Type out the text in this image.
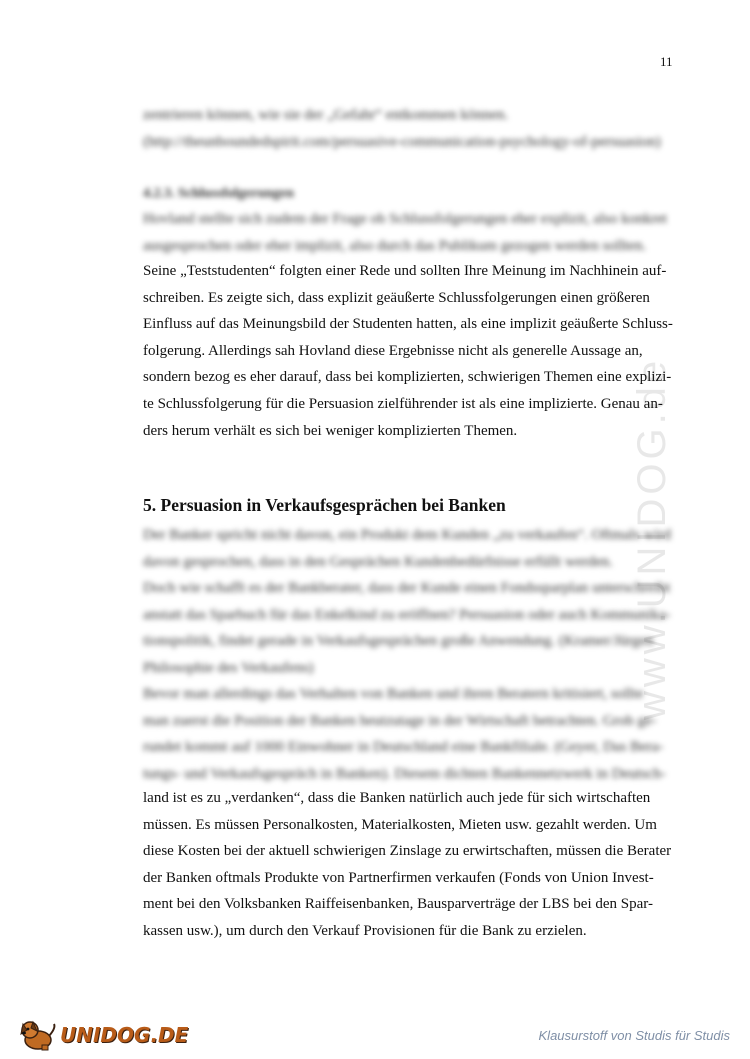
11
www.UNIDOG.de
zentrieren können, wie sie der „Gefahr“ entkommen können.
(http://theunboundedspirit.com/persuasive-communication-psychology-of-persuasion)
4.2.3. Schlussfolgerungen
Hovland stellte sich zudem der Frage ob Schlussfolgerungen eher explizit, also konkret
ausgesprochen oder eher implizit, also durch das Publikum gezogen werden sollten.
Seine „Teststudenten“ folgten einer Rede und sollten Ihre Meinung im Nachhinein auf-
schreiben. Es zeigte sich, dass explizit geäußerte Schlussfolgerungen einen größeren
Einfluss auf das Meinungsbild der Studenten hatten, als eine implizit geäußerte Schluss-
folgerung. Allerdings sah Hovland diese Ergebnisse nicht als generelle Aussage an,
sondern bezog es eher darauf, dass bei komplizierten, schwierigen Themen eine explizi-
te Schlussfolgerung für die Persuasion zielführender ist als eine implizierte. Genau an-
ders herum verhält es sich bei weniger komplizierten Themen.
5. Persuasion in Verkaufsgesprächen bei Banken
Der Banker spricht nicht davon, ein Produkt dem Kunden „zu verkaufen“. Oftmals wird
davon gesprochen, dass in den Gesprächen Kundenbedürfnisse erfüllt werden.
Doch wie schafft es der Bankberater, dass der Kunde einen Fondssparplan unterschreibt
anstatt das Sparbuch für das Enkelkind zu eröffnen? Persuasion oder auch Kommunika-
tionspolitik, findet gerade in Verkaufsgesprächen große Anwendung. (Kramer/Jürgen
Philosophie des Verkaufens)
Bevor man allerdings das Verhalten von Banken und ihren Beratern kritisiert, sollte
man zuerst die Position der Banken heutzutage in der Wirtschaft betrachten. Grob ge-
rundet kommt auf 1000 Einwohner in Deutschland eine Bankfiliale. (Geyer, Das Bera-
tungs- und Verkaufsgespräch in Banken). Diesem dichten Bankennetzwerk in Deutsch-
land ist es zu „verdanken“, dass die Banken natürlich auch jede für sich wirtschaften
müssen. Es müssen Personalkosten, Materialkosten, Mieten usw. gezahlt werden. Um
diese Kosten bei der aktuell schwierigen Zinslage zu erwirtschaften, müssen die Berater
der Banken oftmals Produkte von Partnerfirmen verkaufen (Fonds von Union Invest-
ment bei den Volksbanken Raiffeisenbanken, Bausparverträge der LBS bei den Spar-
kassen usw.), um durch den Verkauf Provisionen für die Bank zu erzielen.
UNIDOG.DE	Klausurstoff von Studis für Studis
